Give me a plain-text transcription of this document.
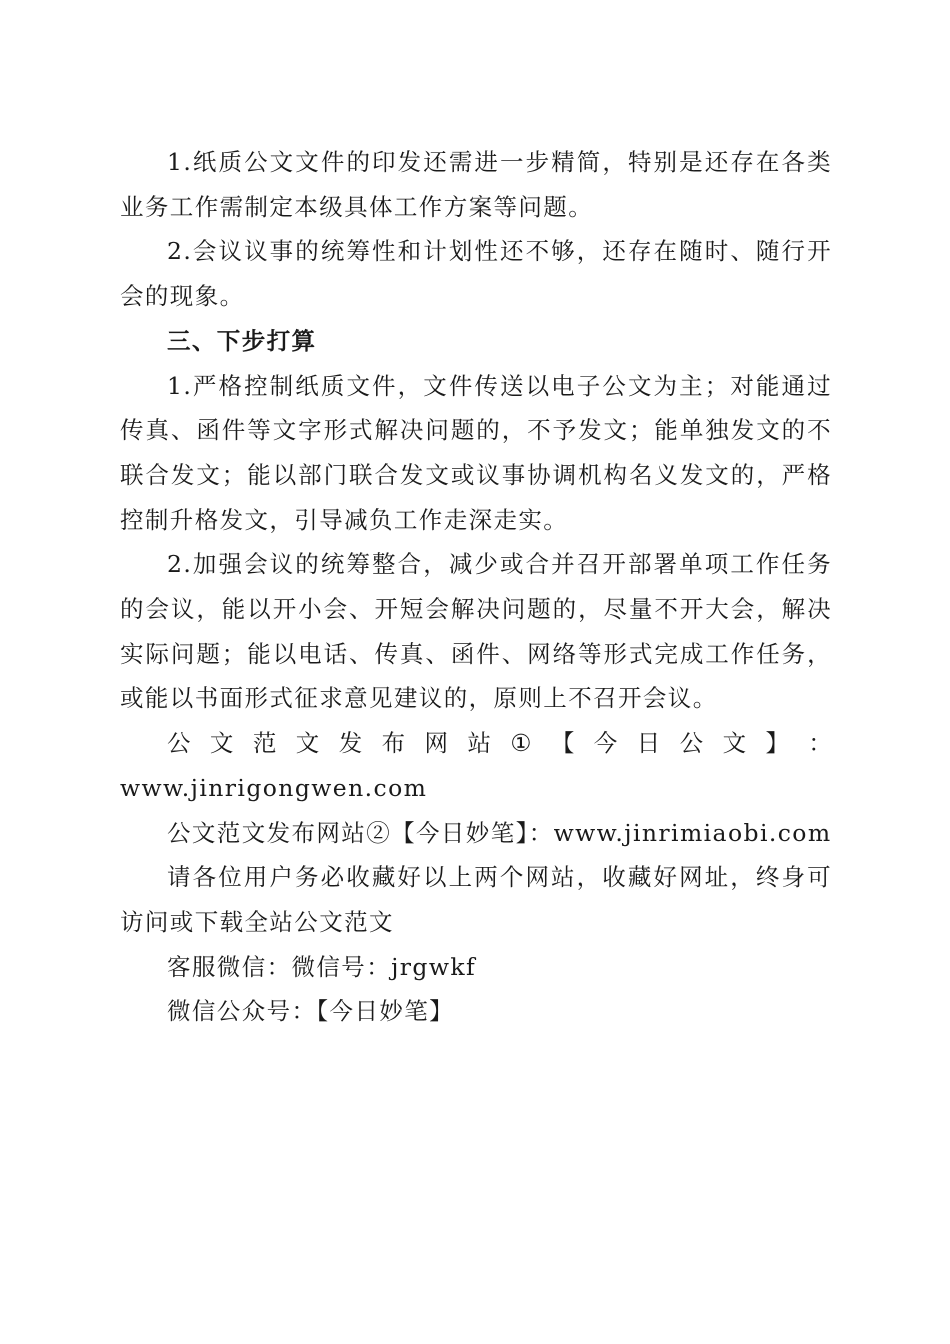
1.纸质公文文件的印发还需进一步精简，特别是还存在各类业务工作需制定本级具体工作方案等问题。

2.会议议事的统筹性和计划性还不够，还存在随时、随行开会的现象。

三、下步打算

1.严格控制纸质文件，文件传送以电子公文为主；对能通过传真、函件等文字形式解决问题的，不予发文；能单独发文的不联合发文；能以部门联合发文或议事协调机构名义发文的，严格控制升格发文，引导减负工作走深走实。

2.加强会议的统筹整合，减少或合并召开部署单项工作任务的会议，能以开小会、开短会解决问题的，尽量不开大会，解决实际问题；能以电话、传真、函件、网络等形式完成工作任务，或能以书面形式征求意见建议的，原则上不召开会议。

公 文 范 文 发 布 网 站 ① 【 今 日 公 文 】 ：

www.jinrigongwen.com

公文范文发布网站②【今日妙笔】：www.jinrimiaobi.com

请各位用户务必收藏好以上两个网站，收藏好网址，终身可访问或下载全站公文范文

客服微信：微信号：jrgwkf

微信公众号：【今日妙笔】
